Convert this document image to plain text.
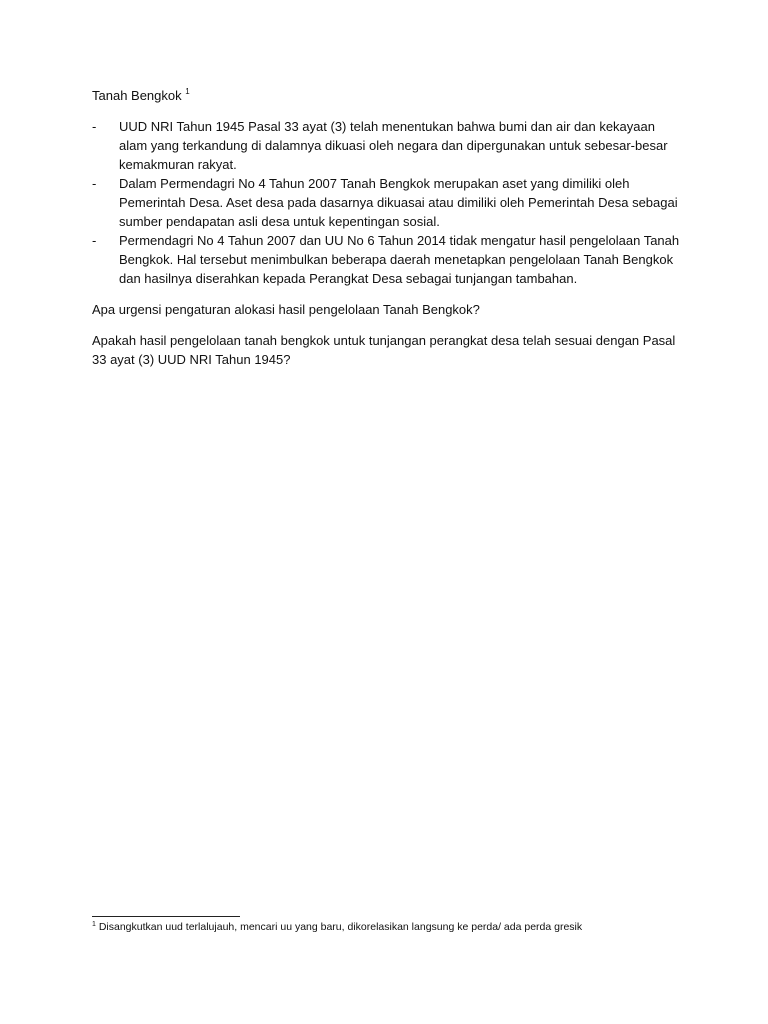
Tanah Bengkok $^1$
- UUD NRI Tahun 1945 Pasal 33 ayat (3) telah menentukan bahwa bumi dan air dan kekayaan alam yang terkandung di dalamnya dikuasi oleh negara dan dipergunakan untuk sebesar-besar kemakmuran rakyat.
- Dalam Permendagri No 4 Tahun 2007 Tanah Bengkok merupakan aset yang dimiliki oleh Pemerintah Desa. Aset desa pada dasarnya dikuasai atau dimiliki oleh Pemerintah Desa sebagai sumber pendapatan asli desa untuk kepentingan sosial.
- Permendagri No 4 Tahun 2007 dan UU No 6 Tahun 2014 tidak mengatur hasil pengelolaan Tanah Bengkok. Hal tersebut menimbulkan beberapa daerah menetapkan pengelolaan Tanah Bengkok dan hasilnya diserahkan kepada Perangkat Desa sebagai tunjangan tambahan.

Apa urgensi pengaturan alokasi hasil pengelolaan Tanah Bengkok?

Apakah hasil pengelolaan tanah bengkok untuk tunjangan perangkat desa telah sesuai dengan Pasal 33 ayat (3) UUD NRI Tahun 1945?

$^1$ Disangkutkan uud terlalujauh, mencari uu yang baru, dikorelasikan langsung ke perda/ ada perda gresik
